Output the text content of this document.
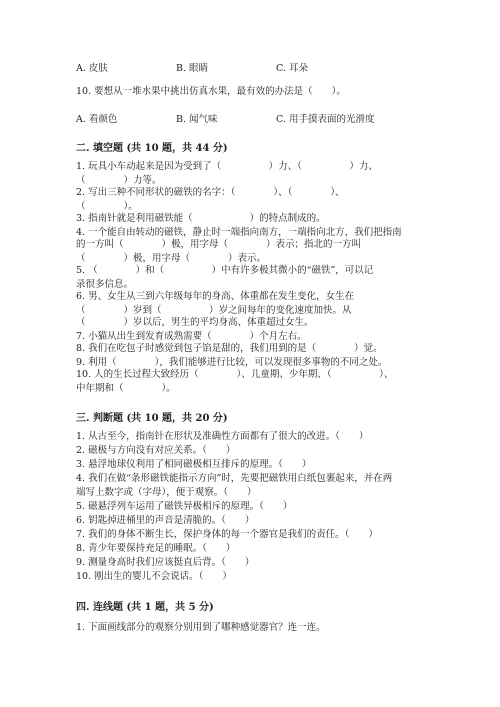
A. 皮肤	B. 眼睛	C. 耳朵
10. 要想从一堆水果中挑出仿真水果，最有效的办法是（　　）。
A. 看颜色	B. 闻气味	C. 用手摸表面的光滑度
二. 填空题 (共 10 题，共 44 分)
1. 玩具小车动起来是因为受到了（　　　　　）力、（　　　　　）力、
（　　　　）力等。
2. 写出三种不同形状的磁铁的名字：（　　　　）、（　　　　）、
（　　　　）。
3. 指南针就是利用磁铁能（　　　　　　）的特点制成的。
4. 一个能自由转动的磁铁，静止时一端指向南方，一端指向北方，我们把指南
的一方叫（　　　　）极，用字母（　　　　）表示；指北的一方叫
（　　　　）极，用字母（　　　　）表示。
5. （　　　　）和（　　　　　）中有许多极其微小的“磁铁”，可以记
录很多信息。
6. 男、女生从三到六年级每年的身高、体重都在发生变化，女生在
（　　　　）岁到（　　　　　）岁之间每年的变化速度加快。从
（　　　　）岁以后，男生的平均身高、体重超过女生。
7. 小猫从出生到发育成熟需要（　　　　）个月左右。
8. 我们在吃包子时感觉到包子馅是甜的，我们用到的是（　　　　）觉。
9. 利用（　　　　），我们能够进行比较，可以发现很多事物的不同之处。
10. 人的生长过程大致经历（　　　　）、儿童期、少年期、（　　　　　）、
中年期和（　　　　）。
三. 判断题 (共 10 题，共 20 分)
1. 从古至今，指南针在形状及准确性方面都有了很大的改进。（　　）
2. 磁极与方向没有对应关系。（　　）
3. 悬浮地球仪利用了相同磁极相互排斥的原理。（　　）
4. 我们在做“条形磁铁能指示方向”时，先要把磁铁用白纸包裹起来，并在两
端写上数字或（字母），便于观察。（　　）
5. 磁悬浮列车运用了磁铁异极相斥的原理。（　　）
6. 钥匙掉进桶里的声音是清脆的。（　　）
7. 我们的身体不断生长，保护身体的每一个器官是我们的责任。（　　）
8. 青少年要保持充足的睡眠。（　　）
9. 测量身高时我们应该挺直后背。（　　）
10. 刚出生的婴儿不会说话。（　　）
四. 连线题 (共 1 题，共 5 分)
1. 下面画线部分的观察分别用到了哪种感觉器官？连一连。
